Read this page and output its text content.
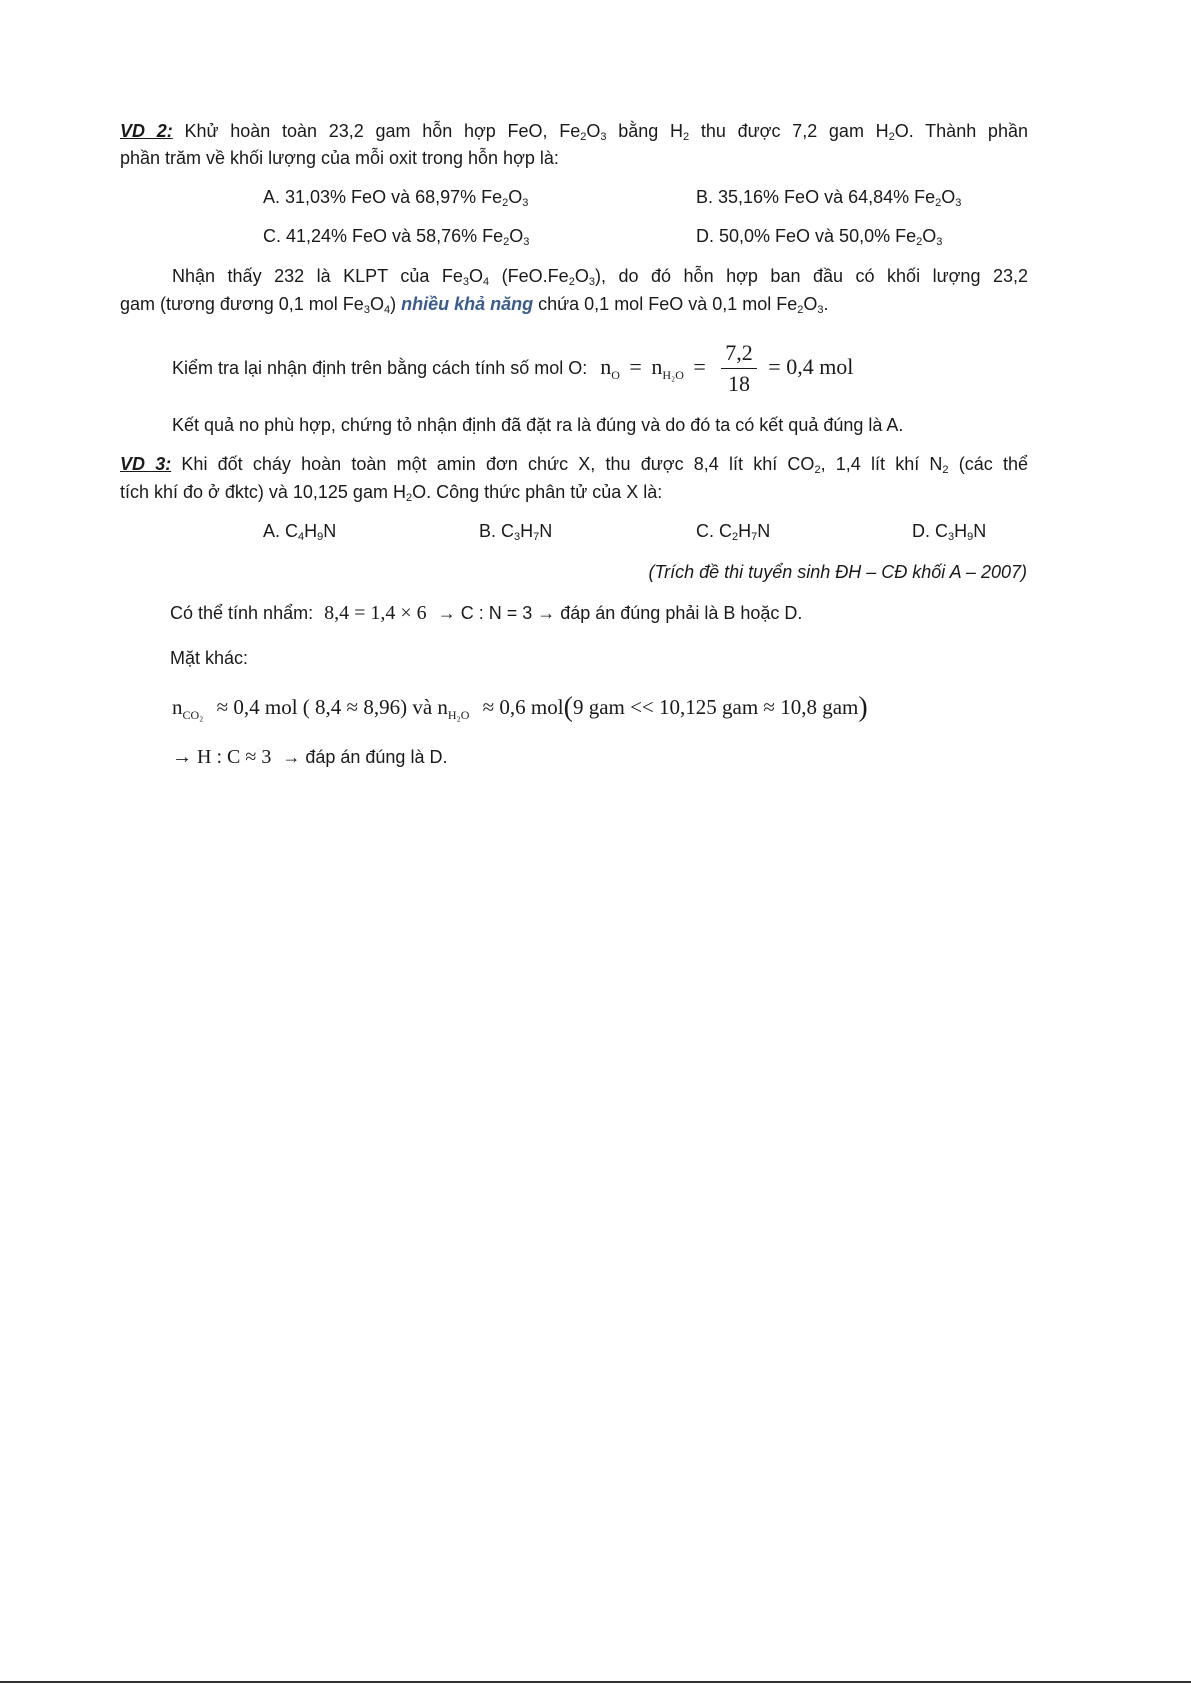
VD 2: Khử hoàn toàn 23,2 gam hỗn hợp FeO, $Fe_2O_3$ bằng $H_2$ thu được 7,2 gam $H_2O$. Thành phần
phần trăm về khối lượng của mỗi oxit trong hỗn hợp là:
A. 31,03% FeO và 68,97% $Fe_2O_3$	B. 35,16% FeO và 64,84% $Fe_2O_3$
C. 41,24% FeO và 58,76% $Fe_2O_3$	D. 50,0% FeO và 50,0% $Fe_2O_3$
Nhận thấy 232 là KLPT của $Fe_3O_4$ $(FeO.Fe_2O_3)$, do đó hỗn hợp ban đầu có khối lượng 23,2
gam (tương đương 0,1 mol $Fe_3O_4$) nhiều khả năng chứa 0,1 mol FeO và 0,1 mol $Fe_2O_3$.
Kiểm tra lại nhận định trên bằng cách tính số mol O: $n_O = n_{H_2O} = \frac{7,2}{18} = 0,4$ mol
Kết quả no phù hợp, chứng tỏ nhận định đã đặt ra là đúng và do đó ta có kết quả đúng là A.
VD 3: Khi đốt cháy hoàn toàn một amin đơn chức X, thu được 8,4 lít khí $CO_2$, 1,4 lít khí $N_2$ (các thể
tích khí đo ở đktc) và 10,125 gam $H_2O$. Công thức phân tử của X là:
A. $C_4H_9N$	B. $C_3H_7N$	C. $C_2H_7N$	D. $C_3H_9N$
(Trích đề thi tuyển sinh ĐH – CĐ khối A – 2007)
Có thể tính nhẩm: 8,4 = 1,4 × 6 → C : N = 3 → đáp án đúng phải là B hoặc D.
Mặt khác:
$n_{CO_2} \approx 0,4$ mol ( 8,4 ≈ 8,96) và $n_{H_2O} \approx 0,6$ mol(9 gam << 10,125 gam ≈ 10,8 gam)
→ H : C ≈ 3 → đáp án đúng là D.
